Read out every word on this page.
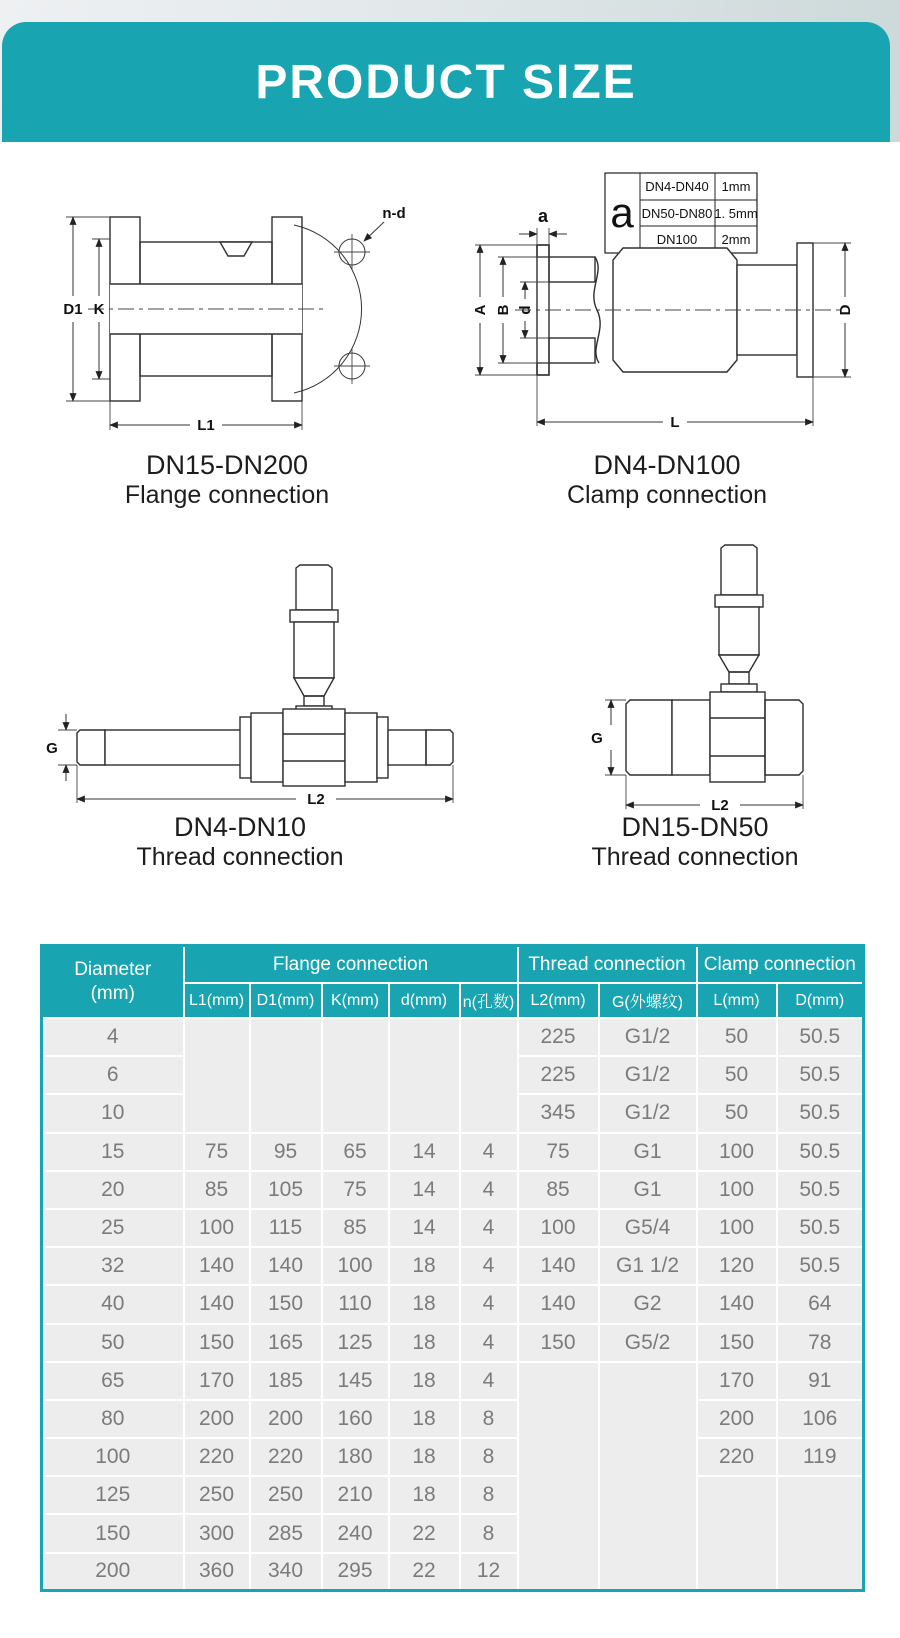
PRODUCT SIZE
n-d
D1 K
L1
DN15-DN200
Flange connection
a
DN4-DN40 1mm
DN50-DN80 1. 5mm
DN100 2mm
a
A B d	D
L
DN4-DN100
Clamp connection
G
L2
DN4-DN10
Thread connection
G
L2
DN15-DN50
Thread connection
Diameter
(mm)	Flange connection					Thread connection		Clamp connection	
	L1(mm)	D1(mm)	K(mm)	d(mm)	n(孔数)	L2(mm)	G(外螺纹)	L(mm)	D(mm)
4						225	G1/2	50	50.5
6						225	G1/2	50	50.5
10						345	G1/2	50	50.5
15	75	95	65	14	4	75	G1	100	50.5
20	85	105	75	14	4	85	G1	100	50.5
25	100	115	85	14	4	100	G5/4	100	50.5
32	140	140	100	18	4	140	G1 1/2	120	50.5
40	140	150	110	18	4	140	G2	140	64
50	150	165	125	18	4	150	G5/2	150	78
65	170	185	145	18	4			170	91
80	200	200	160	18	8			200	106
100	220	220	180	18	8			220	119
125	250	250	210	18	8				
150	300	285	240	22	8				
200	360	340	295	22	12				
